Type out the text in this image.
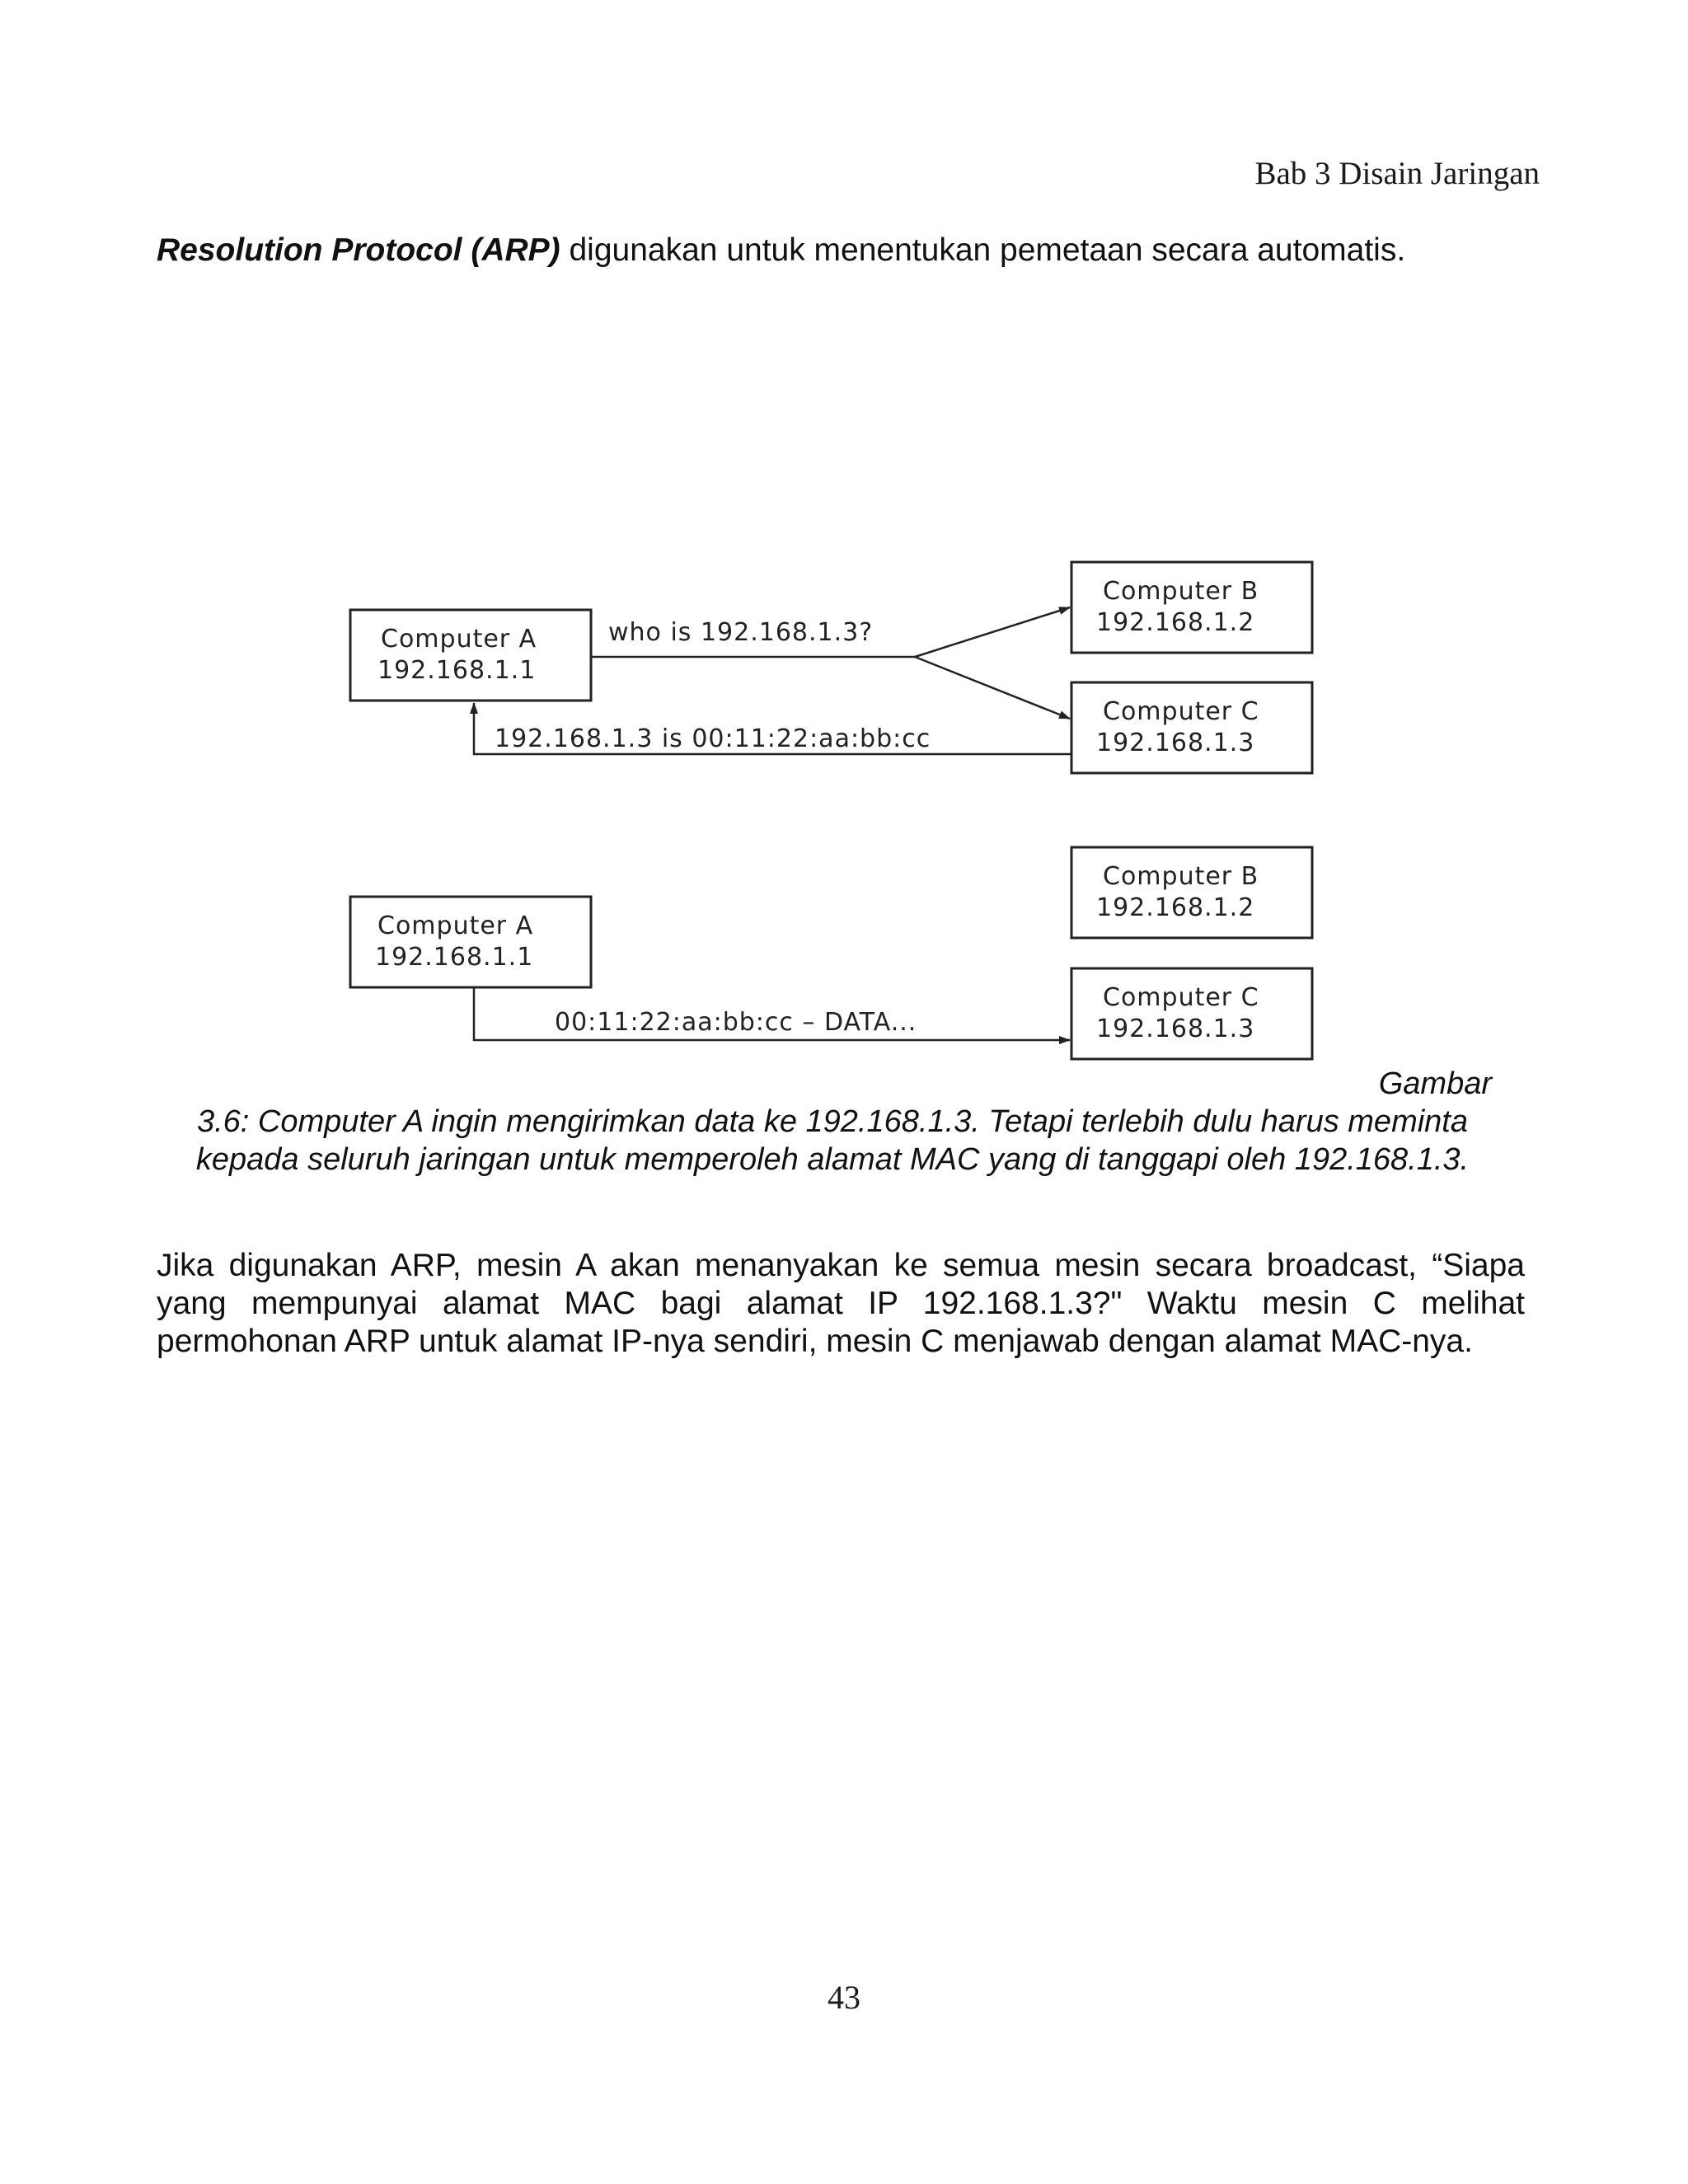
Bab 3 Disain Jaringan
Resolution Protocol (ARP) digunakan untuk menentukan pemetaan secara automatis.
Computer A
192.168.1.1
Computer B
192.168.1.2
Computer C
192.168.1.3
who is 192.168.1.3?
192.168.1.3 is 00:11:22:aa:bb:cc
Computer A
192.168.1.1
Computer B
192.168.1.2
Computer C
192.168.1.3
00:11:22:aa:bb:cc – DATA...
Gambar
3.6: Computer A ingin mengirimkan data ke 192.168.1.3. Tetapi terlebih dulu harus meminta kepada seluruh jaringan untuk memperoleh alamat MAC yang di tanggapi oleh 192.168.1.3.

Jika digunakan ARP, mesin A akan menanyakan ke semua mesin secara broadcast, “Siapa yang mempunyai alamat MAC bagi alamat IP 192.168.1.3?" Waktu mesin C melihat permohonan ARP untuk alamat IP-nya sendiri, mesin C menjawab dengan alamat MAC-nya.

43
